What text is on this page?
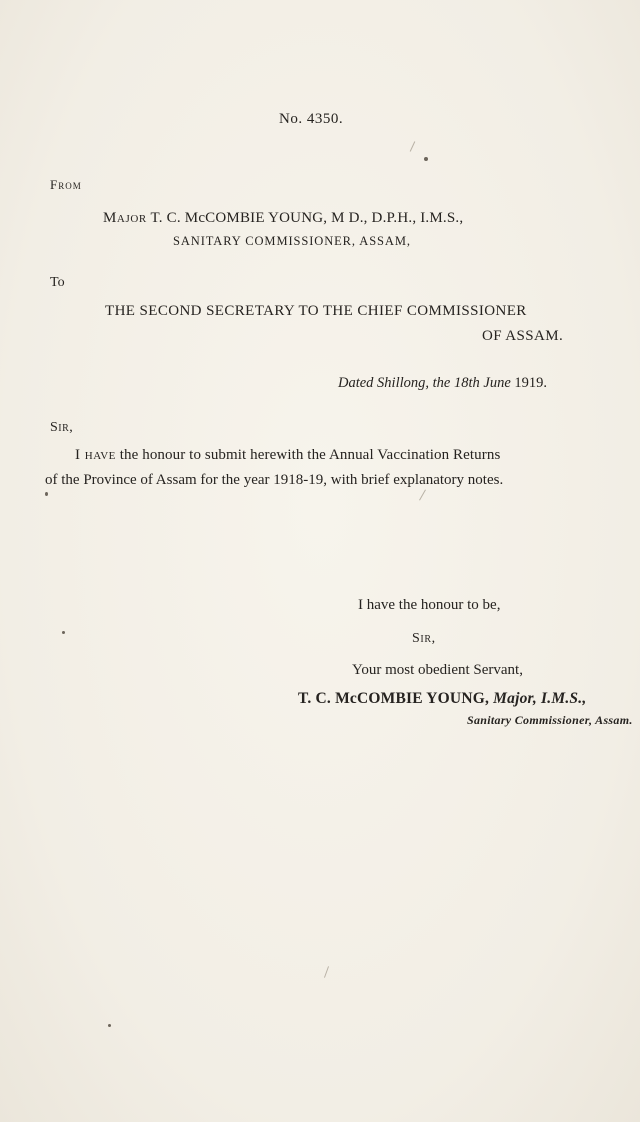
No. 4350.
From
Major T. C. McCOMBIE YOUNG, M D., D.P.H., I.M.S.,
SANITARY COMMISSIONER, ASSAM,
To
THE SECOND SECRETARY TO THE CHIEF COMMISSIONER
OF ASSAM.
Dated Shillong, the 18th June 1919.
Sir,
I have the honour to submit herewith the Annual Vaccination Returns
of the Province of Assam for the year 1918-19, with brief explanatory notes.
I have the honour to be,
Sir,
Your most obedient Servant,
T. C. McCOMBIE YOUNG, Major, I.M.S.,
Sanitary Commissioner, Assam.
